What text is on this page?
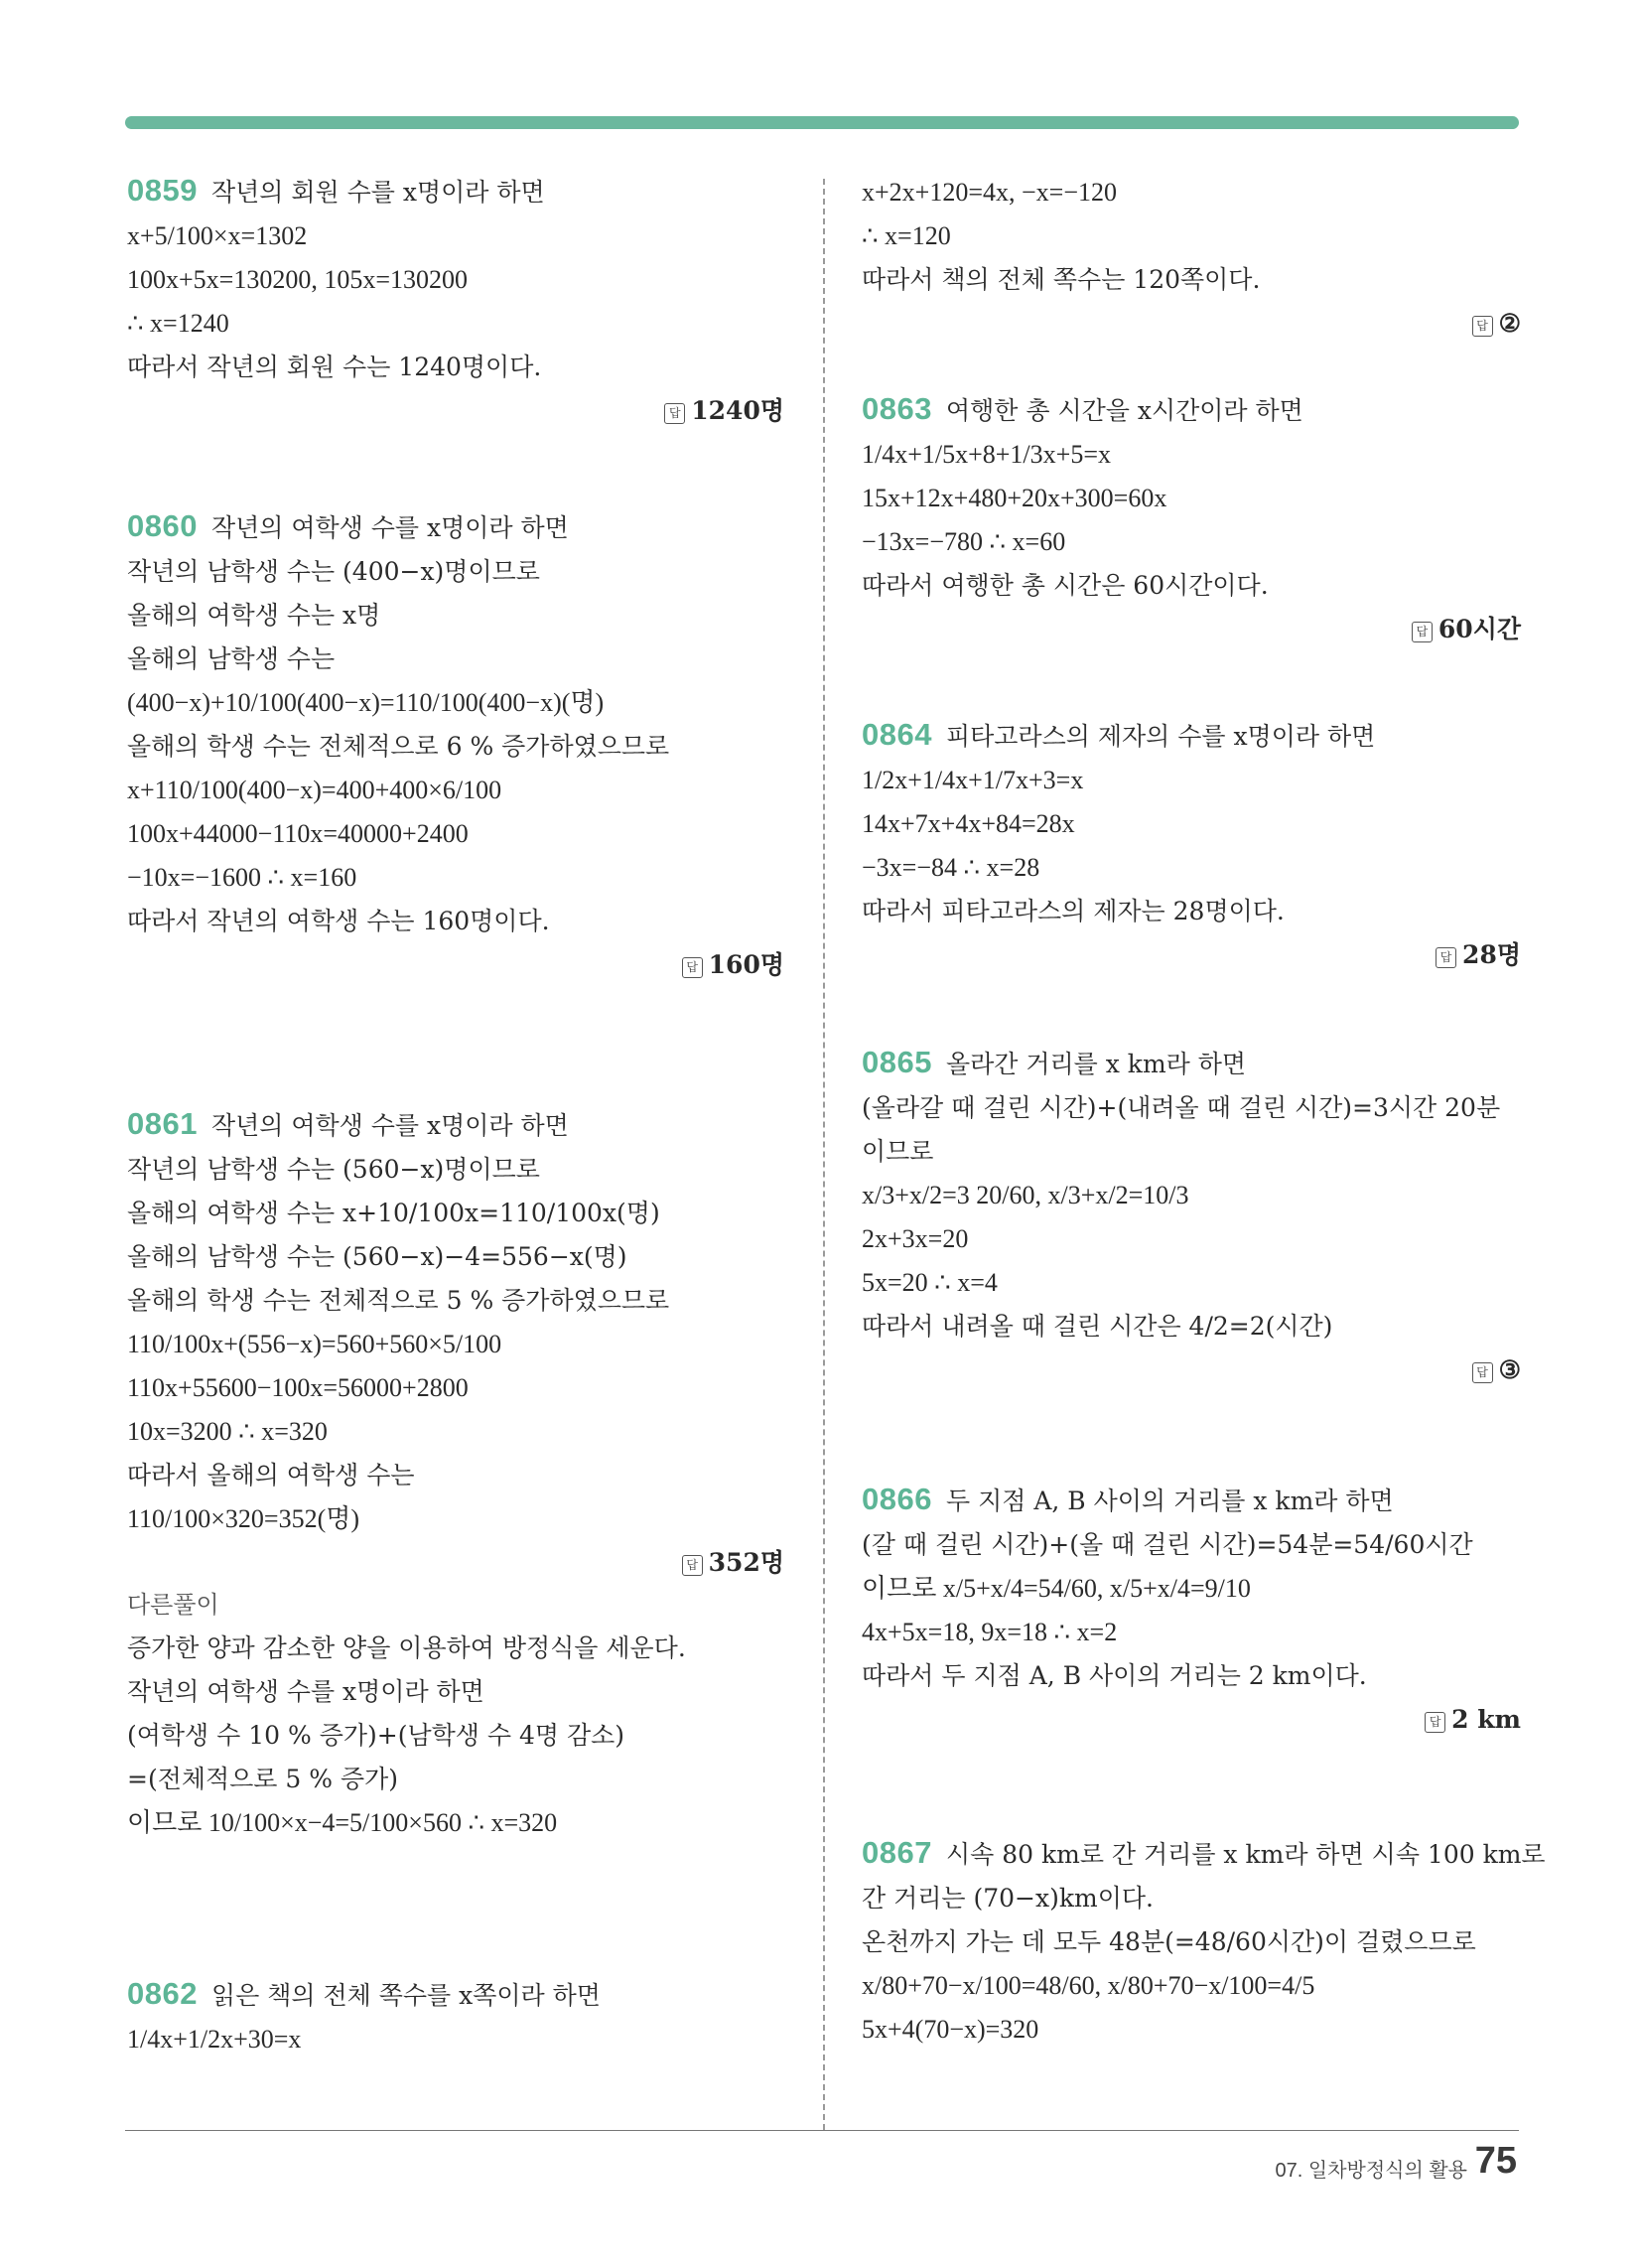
0859 작년의 회원 수를 x명이라 하면
x+5/100×x=1302
100x+5x=130200, 105x=130200
∴ x=1240
따라서 작년의 회원 수는 1240명이다.
답 1240명
0860 작년의 여학생 수를 x명이라 하면
작년의 남학생 수는 (400−x)명이므로
올해의 여학생 수는 x명
올해의 남학생 수는
(400−x)+10/100(400−x)=110/100(400−x)(명)
올해의 학생 수는 전체적으로 6 % 증가하였으므로
x+110/100(400−x)=400+400×6/100
100x+44000−110x=40000+2400
−10x=−1600 ∴ x=160
따라서 작년의 여학생 수는 160명이다.
답 160명
0861 작년의 여학생 수를 x명이라 하면
작년의 남학생 수는 (560−x)명이므로
올해의 여학생 수는 x+10/100x=110/100x(명)
올해의 남학생 수는 (560−x)−4=556−x(명)
올해의 학생 수는 전체적으로 5 % 증가하였으므로
110/100x+(556−x)=560+560×5/100
110x+55600−100x=56000+2800
10x=3200 ∴ x=320
따라서 올해의 여학생 수는
110/100×320=352(명)
답 352명
다른풀이
증가한 양과 감소한 양을 이용하여 방정식을 세운다.
작년의 여학생 수를 x명이라 하면
(여학생 수 10 % 증가)+(남학생 수 4명 감소)
=(전체적으로 5 % 증가)
이므로 10/100×x−4=5/100×560 ∴ x=320
0862 읽은 책의 전체 쪽수를 x쪽이라 하면
1/4x+1/2x+30=x
x+2x+120=4x, −x=−120
∴ x=120
따라서 책의 전체 쪽수는 120쪽이다.
답 ②
0863 여행한 총 시간을 x시간이라 하면
1/4x+1/5x+8+1/3x+5=x
15x+12x+480+20x+300=60x
−13x=−780 ∴ x=60
따라서 여행한 총 시간은 60시간이다.
답 60시간
0864 피타고라스의 제자의 수를 x명이라 하면
1/2x+1/4x+1/7x+3=x
14x+7x+4x+84=28x
−3x=−84 ∴ x=28
따라서 피타고라스의 제자는 28명이다.
답 28명
0865 올라간 거리를 x km라 하면
(올라갈 때 걸린 시간)+(내려올 때 걸린 시간)=3시간 20분
이므로
x/3+x/2=3 20/60, x/3+x/2=10/3
2x+3x=20
5x=20 ∴ x=4
따라서 내려올 때 걸린 시간은 4/2=2(시간)
답 ③
0866 두 지점 A, B 사이의 거리를 x km라 하면
(갈 때 걸린 시간)+(올 때 걸린 시간)=54분=54/60시간
이므로 x/5+x/4=54/60, x/5+x/4=9/10
4x+5x=18, 9x=18 ∴ x=2
따라서 두 지점 A, B 사이의 거리는 2 km이다.
답 2 km
0867 시속 80 km로 간 거리를 x km라 하면 시속 100 km로
간 거리는 (70−x)km이다.
온천까지 가는 데 모두 48분(=48/60시간)이 걸렸으므로
x/80+70−x/100=48/60, x/80+70−x/100=4/5
5x+4(70−x)=320
07. 일차방정식의 활용 75
